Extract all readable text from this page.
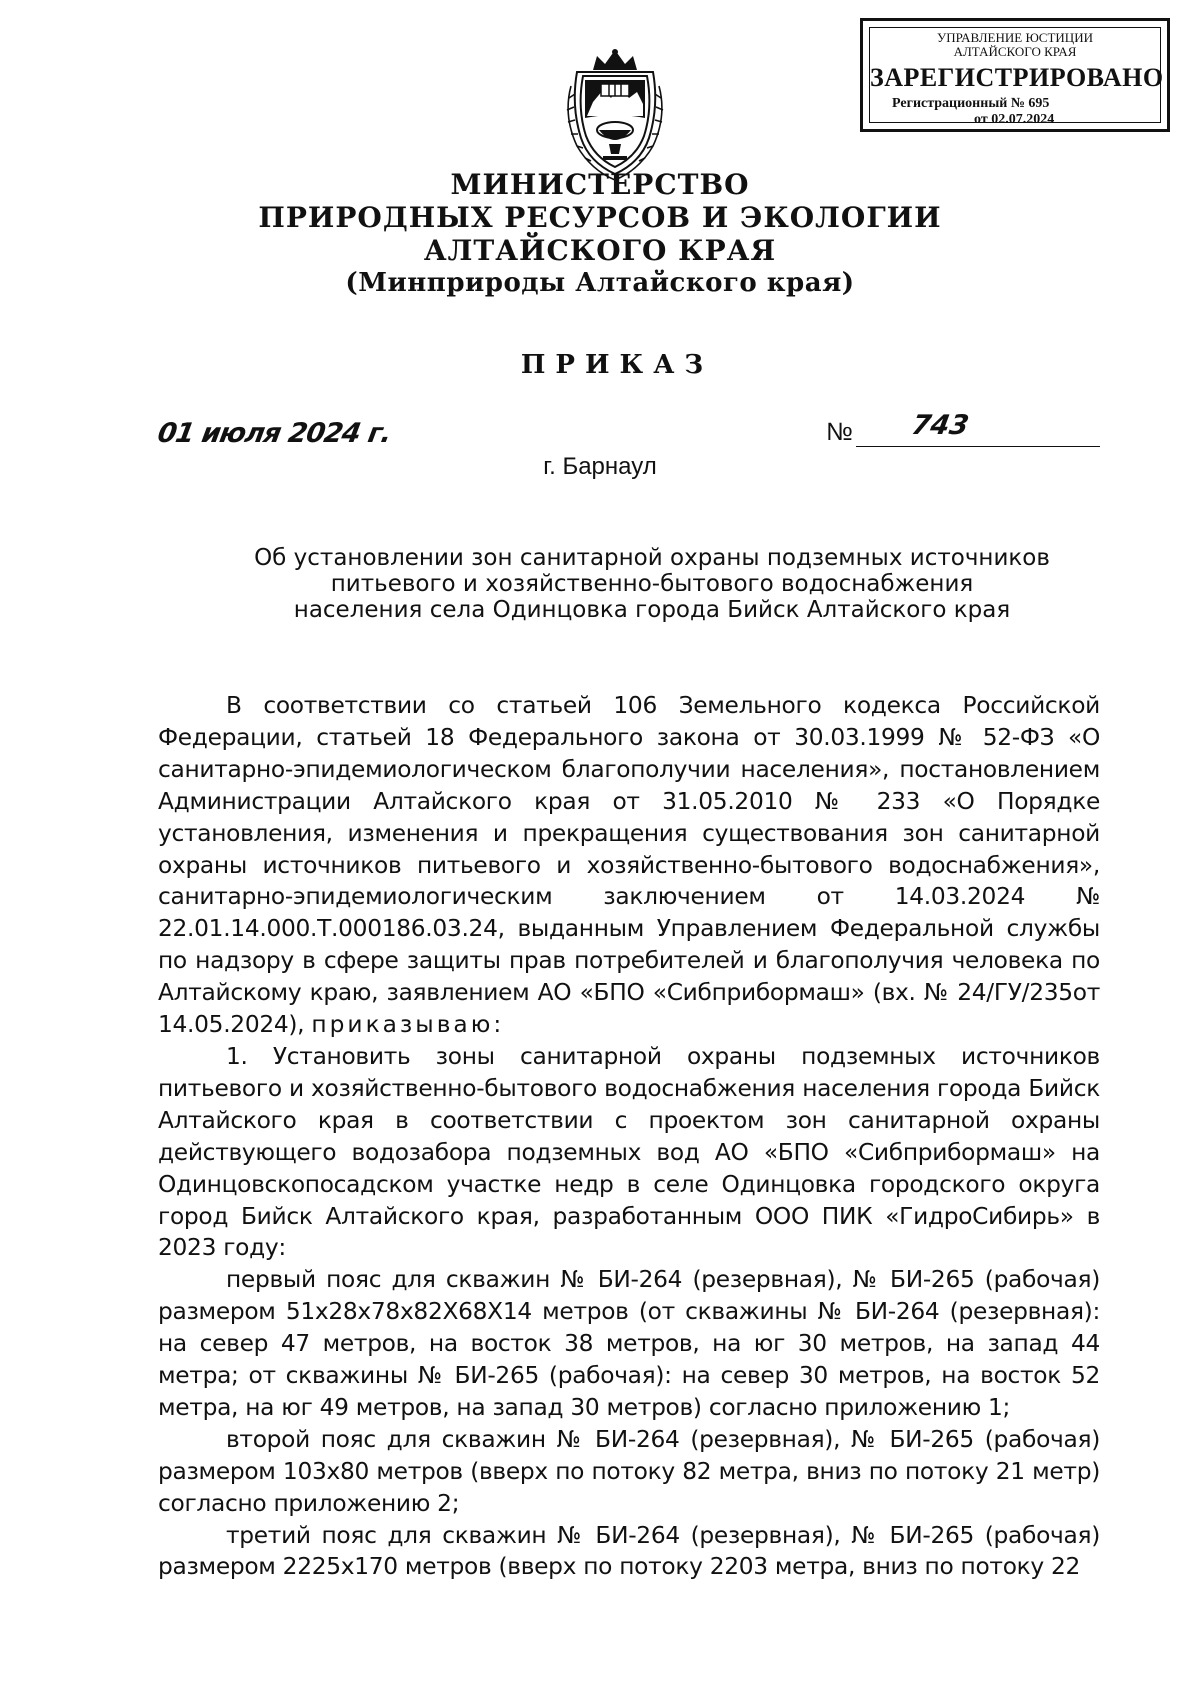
УПРАВЛЕНИЕ ЮСТИЦИИ
АЛТАЙСКОГО КРАЯ
ЗАРЕГИСТРИРОВАНО
Регистрационный № 695
от 02.07.2024
МИНИСТЕРСТВО
ПРИРОДНЫХ РЕСУРСОВ И ЭКОЛОГИИ
АЛТАЙСКОГО КРАЯ
(Минприроды Алтайского края)
ПРИКАЗ
01 июля 2024 г.	№ 743
г. Барнаул
Об установлении зон санитарной охраны подземных источников
питьевого и хозяйственно-бытового водоснабжения
населения села Одинцовка города Бийск Алтайского края

В соответствии со статьей 106 Земельного кодекса Российской Федерации, статьей 18 Федерального закона от 30.03.1999 № 52-ФЗ «О санитарно-эпидемиологическом благополучии населения», постановлением Администрации Алтайского края от 31.05.2010 № 233 «О Порядке установления, изменения и прекращения существования зон санитарной охраны источников питьевого и хозяйственно-бытового водоснабжения», санитарно-эпидемиологическим заключением от 14.03.2024 № 22.01.14.000.Т.000186.03.24, выданным Управлением Федеральной службы по надзору в сфере защиты прав потребителей и благополучия человека по Алтайскому краю, заявлением АО «БПО «Сибприбормаш» (вх. № 24/ГУ/235от 14.05.2024), приказываю:

1. Установить зоны санитарной охраны подземных источников питьевого и хозяйственно-бытового водоснабжения населения города Бийск Алтайского края в соответствии с проектом зон санитарной охраны действующего водозабора подземных вод АО «БПО «Сибприбормаш» на Одинцовскопосадском участке недр в селе Одинцовка городского округа город Бийск Алтайского края, разработанным ООО ПИК «ГидроСибирь» в 2023 году:

первый пояс для скважин № БИ-264 (резервная), № БИ-265 (рабочая) размером 51x28x78x82X68X14 метров (от скважины № БИ-264 (резервная): на север 47 метров, на восток 38 метров, на юг 30 метров, на запад 44 метра; от скважины № БИ-265 (рабочая): на север 30 метров, на восток 52 метра, на юг 49 метров, на запад 30 метров) согласно приложению 1;

второй пояс для скважин № БИ-264 (резервная), № БИ-265 (рабочая) размером 103x80 метров (вверх по потоку 82 метра, вниз по потоку 21 метр) согласно приложению 2;

третий пояс для скважин № БИ-264 (резервная), № БИ-265 (рабочая) размером 2225x170 метров (вверх по потоку 2203 метра, вниз по потоку 22
